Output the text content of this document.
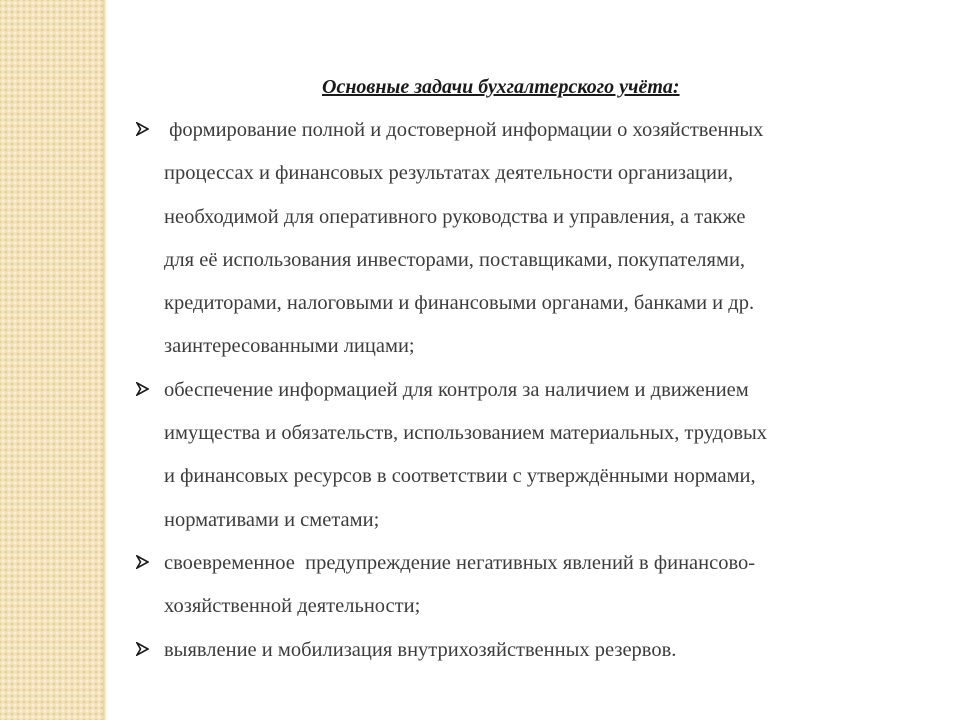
Основные задачи бухгалтерского учёта:
формирование полной и достоверной информации о хозяйственных
процессах и финансовых результатах деятельности организации,
необходимой для оперативного руководства и управления, а также
для её использования инвесторами, поставщиками, покупателями,
кредиторами, налоговыми и финансовыми органами, банками и др.
заинтересованными лицами;
обеспечение информацией для контроля за наличием и движением
имущества и обязательств, использованием материальных, трудовых
и финансовых ресурсов в соответствии с утверждёнными нормами,
нормативами и сметами;
своевременное  предупреждение негативных явлений в финансово-
хозяйственной деятельности;
выявление и мобилизация внутрихозяйственных резервов.
